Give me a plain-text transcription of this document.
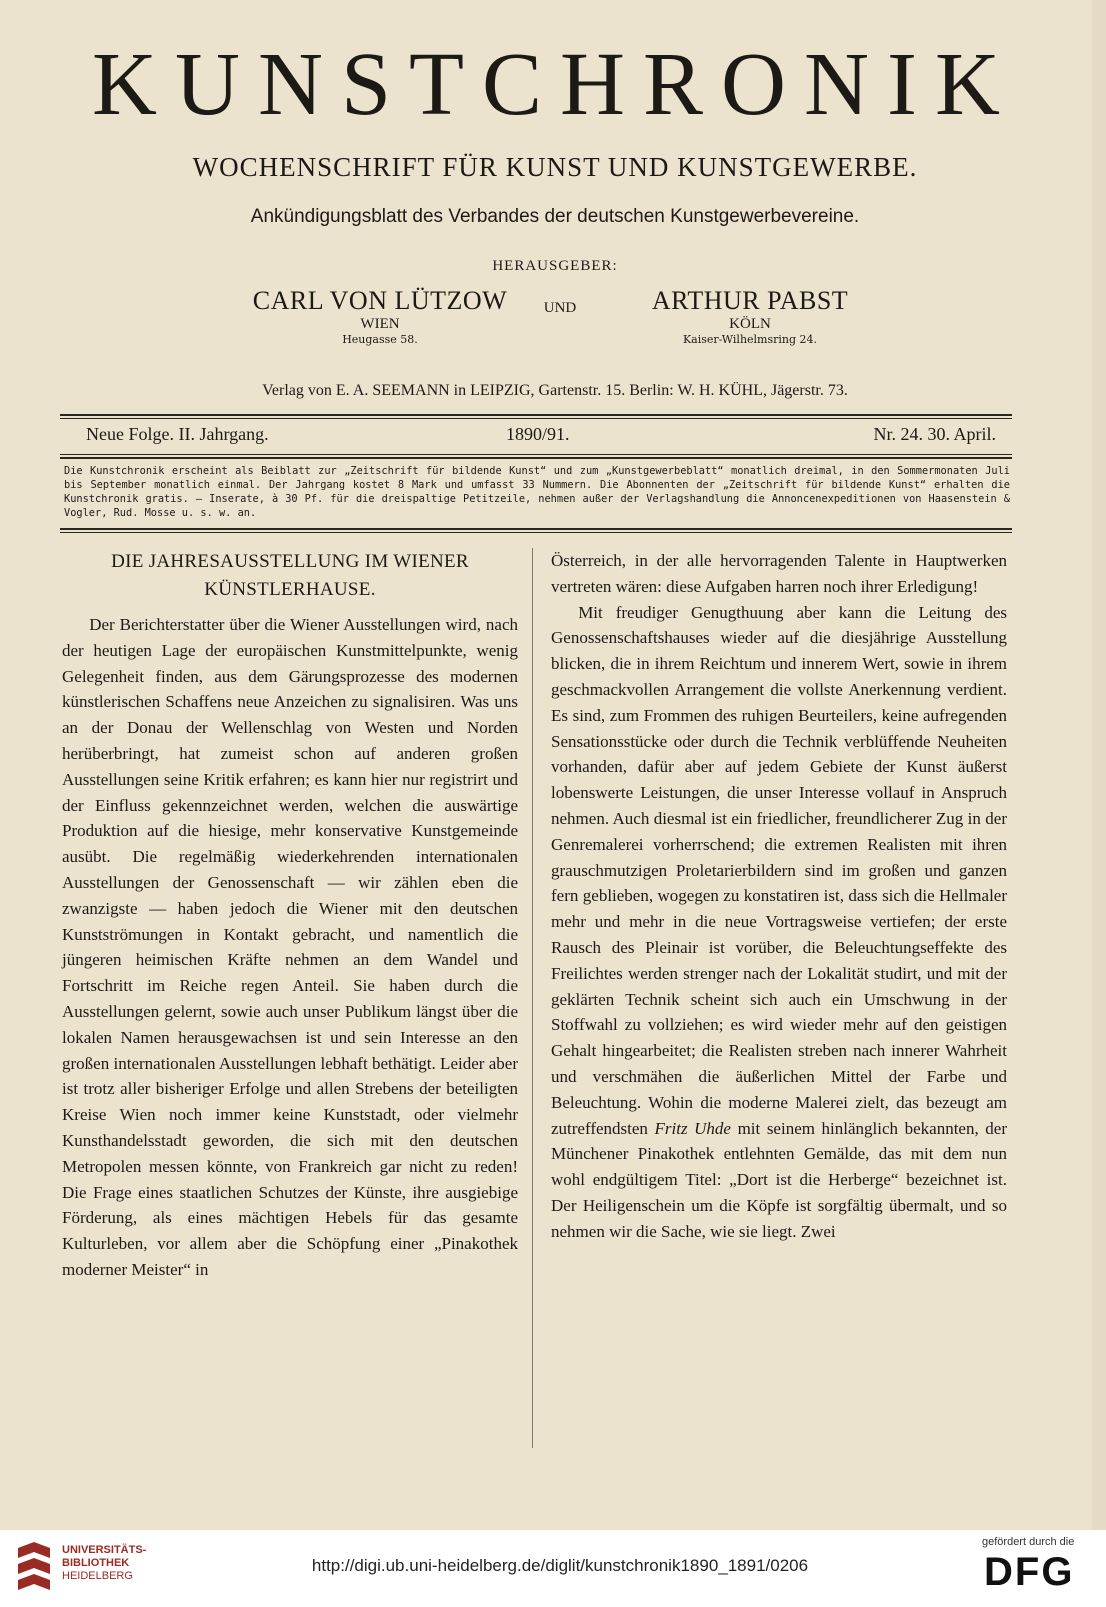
KUNSTCHRONIK
WOCHENSCHRIFT FÜR KUNST UND KUNSTGEWERBE.
Ankündigungsblatt des Verbandes der deutschen Kunstgewerbevereine.
HERAUSGEBER:
CARL VON LÜTZOW
WIEN
Heugasse 58.
UND	ARTHUR PABST
KÖLN
Kaiser-Wilhelmsring 24.
Verlag von E. A. SEEMANN in LEIPZIG, Gartenstr. 15. Berlin: W. H. KÜHL, Jägerstr. 73.
Neue Folge. II. Jahrgang.	1890/91.	Nr. 24. 30. April.
Die Kunstchronik erscheint als Beiblatt zur „Zeitschrift für bildende Kunst“ und zum „Kunstgewerbeblatt“ monatlich dreimal, in den Sommermonaten Juli bis September monatlich einmal. Der Jahrgang kostet 8 Mark und umfasst 33 Nummern. Die Abonnenten der „Zeitschrift für bildende Kunst“ erhalten die Kunstchronik gratis. — Inserate, à 30 Pf. für die dreispaltige Petitzeile, nehmen außer der Verlagshandlung die Annoncenexpeditionen von Haasenstein & Vogler, Rud. Mosse u. s. w. an.
DIE JAHRESAUSSTELLUNG IM WIENER
KÜNSTLERHAUSE.

Der Berichterstatter über die Wiener Ausstellungen wird, nach der heutigen Lage der europäischen Kunstmittelpunkte, wenig Gelegenheit finden, aus dem Gärungsprozesse des modernen künstlerischen Schaffens neue Anzeichen zu signalisiren. Was uns an der Donau der Wellenschlag von Westen und Norden herüberbringt, hat zumeist schon auf anderen großen Ausstellungen seine Kritik erfahren; es kann hier nur registrirt und der Einfluss gekennzeichnet werden, welchen die auswärtige Produktion auf die hiesige, mehr konservative Kunstgemeinde ausübt. Die regelmäßig wiederkehrenden internationalen Ausstellungen der Genossenschaft — wir zählen eben die zwanzigste — haben jedoch die Wiener mit den deutschen Kunstströmungen in Kontakt gebracht, und namentlich die jüngeren heimischen Kräfte nehmen an dem Wandel und Fortschritt im Reiche regen Anteil. Sie haben durch die Ausstellungen gelernt, sowie auch unser Publikum längst über die lokalen Namen herausgewachsen ist und sein Interesse an den großen internationalen Ausstellungen lebhaft bethätigt. Leider aber ist trotz aller bisheriger Erfolge und allen Strebens der beteiligten Kreise Wien noch immer keine Kunststadt, oder vielmehr Kunsthandelsstadt geworden, die sich mit den deutschen Metropolen messen könnte, von Frankreich gar nicht zu reden! Die Frage eines staatlichen Schutzes der Künste, ihre ausgiebige Förderung, als eines mächtigen Hebels für das gesamte Kulturleben, vor allem aber die Schöpfung einer „Pinakothek moderner Meister“ in

Österreich, in der alle hervorragenden Talente in Hauptwerken vertreten wären: diese Aufgaben harren noch ihrer Erledigung!

Mit freudiger Genugthuung aber kann die Leitung des Genossenschaftshauses wieder auf die diesjährige Ausstellung blicken, die in ihrem Reichtum und innerem Wert, sowie in ihrem geschmackvollen Arrangement die vollste Anerkennung verdient. Es sind, zum Frommen des ruhigen Beurteilers, keine aufregenden Sensationsstücke oder durch die Technik verblüffende Neuheiten vorhanden, dafür aber auf jedem Gebiete der Kunst äußerst lobenswerte Leistungen, die unser Interesse vollauf in Anspruch nehmen. Auch diesmal ist ein friedlicher, freundlicherer Zug in der Genremalerei vorherrschend; die extremen Realisten mit ihren grauschmutzigen Proletarierbildern sind im großen und ganzen fern geblieben, wogegen zu konstatiren ist, dass sich die Hellmaler mehr und mehr in die neue Vortragsweise vertiefen; der erste Rausch des Pleinair ist vorüber, die Beleuchtungseffekte des Freilichtes werden strenger nach der Lokalität studirt, und mit der geklärten Technik scheint sich auch ein Umschwung in der Stoffwahl zu vollziehen; es wird wieder mehr auf den geistigen Gehalt hingearbeitet; die Realisten streben nach innerer Wahrheit und verschmähen die äußerlichen Mittel der Farbe und Beleuchtung. Wohin die moderne Malerei zielt, das bezeugt am zutreffendsten Fritz Uhde mit seinem hinlänglich bekannten, der Münchener Pinakothek entlehnten Gemälde, das mit dem nun wohl endgültigem Titel: „Dort ist die Herberge“ bezeichnet ist. Der Heiligenschein um die Köpfe ist sorgfältig übermalt, und so nehmen wir die Sache, wie sie liegt. Zwei

UNIVERSITÄTS-
BIBLIOTHEK
HEIDELBERG
http://digi.ub.uni-heidelberg.de/diglit/kunstchronik1890_1891/0206
gefördert durch die
DFG
